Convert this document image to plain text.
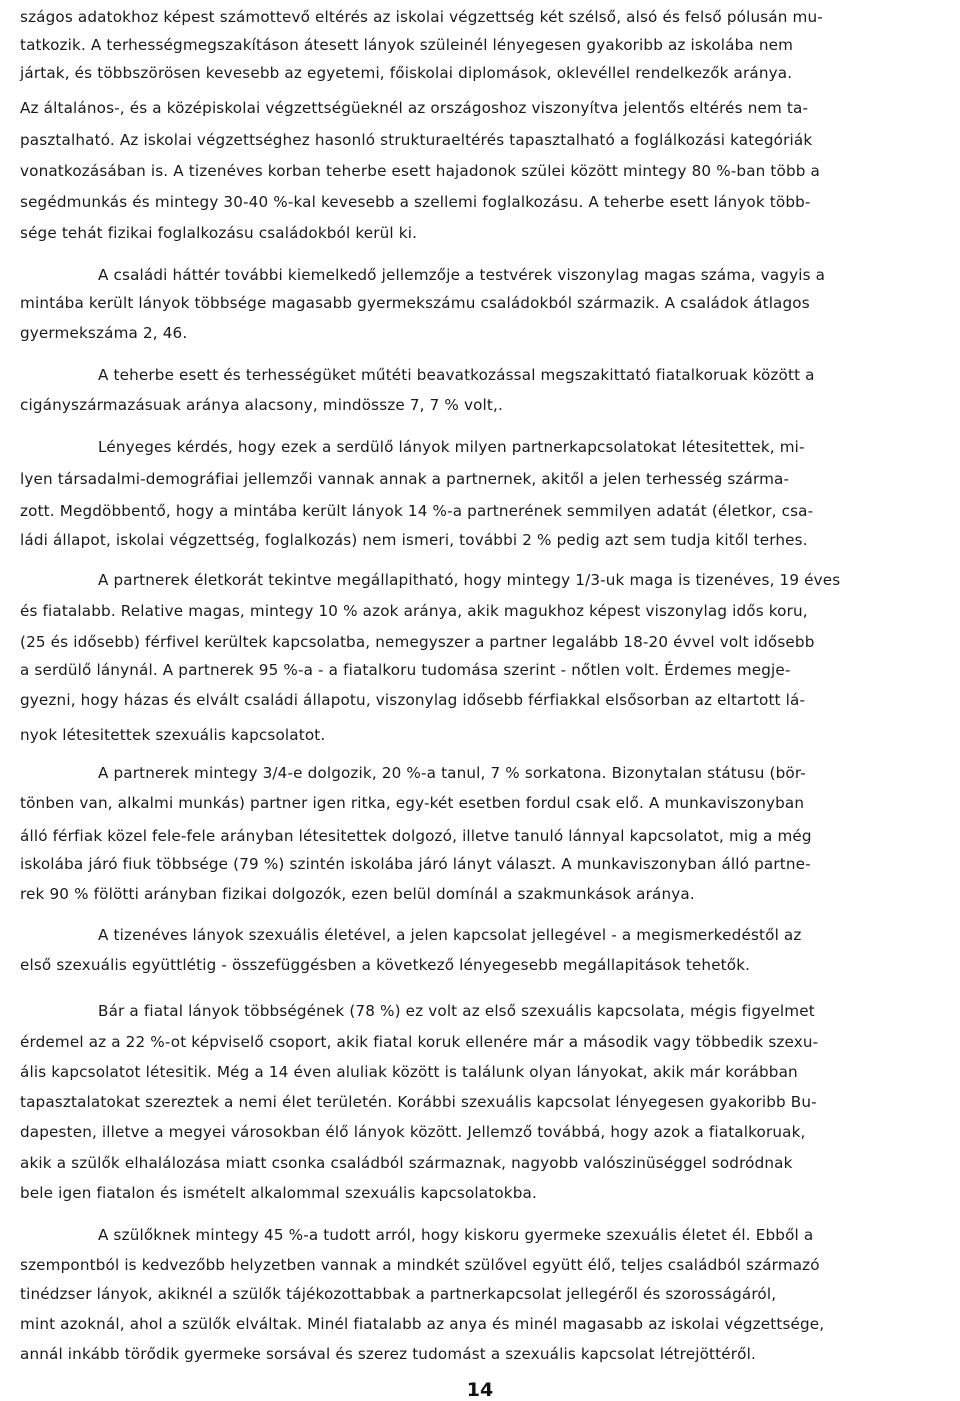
szágos adatokhoz képest számottevő eltérés az iskolai végzettség két szélső, alsó és felső pólusán mu-
tatkozik. A terhességmegszakításon átesett lányok szüleinél lényegesen gyakoribb az iskolába nem
jártak, és többszörösen kevesebb az egyetemi, főiskolai diplomások, oklevéllel rendelkezők aránya.
Az általános-, és a középiskolai végzettségüeknél az országoshoz viszonyítva jelentős eltérés nem ta-
pasztalható. Az iskolai végzettséghez hasonló strukturaeltérés tapasztalható a foglálkozási kategóriák
vonatkozásában is. A tizenéves korban teherbe esett hajadonok szülei között mintegy 80 %-ban több a
segédmunkás és mintegy 30-40 %-kal kevesebb a szellemi foglalkozásu. A teherbe esett lányok több-
sége tehát fizikai foglalkozásu családokból kerül ki.
A családi háttér további kiemelkedő jellemzője a testvérek viszonylag magas száma, vagyis a
mintába került lányok többsége magasabb gyermekszámu családokból származik. A családok átlagos
gyermekszáma 2, 46.
A teherbe esett és terhességüket műtéti beavatkozással megszakittató fiatalkoruak között a
cigányszármazásuak aránya alacsony, mindössze 7, 7 % volt,.
Lényeges kérdés, hogy ezek a serdülő lányok milyen partnerkapcsolatokat létesitettek, mi-
lyen társadalmi-demográfiai jellemzői vannak annak a partnernek, akitől a jelen terhesség szárma-
zott. Megdöbbentő, hogy a mintába került lányok 14 %-a partnerének semmilyen adatát (életkor, csa-
ládi állapot, iskolai végzettség, foglalkozás) nem ismeri, további 2 % pedig azt sem tudja kitől terhes.
A partnerek életkorát tekintve megállapitható, hogy mintegy 1/3-uk maga is tizenéves, 19 éves
és fiatalabb. Relative magas, mintegy 10 % azok aránya, akik magukhoz képest viszonylag idős koru,
(25 és idősebb) férfivel kerültek kapcsolatba, nemegyszer a partner legalább 18-20 évvel volt idősebb
a serdülő lánynál. A partnerek 95 %-a - a fiatalkoru tudomása szerint - nőtlen volt. Érdemes megje-
gyezni, hogy házas és elvált családi állapotu, viszonylag idősebb férfiakkal elsősorban az eltartott lá-
nyok létesitettek szexuális kapcsolatot.
A partnerek mintegy 3/4-e dolgozik, 20 %-a tanul, 7 % sorkatona. Bizonytalan státusu (bör-
tönben van, alkalmi munkás) partner igen ritka, egy-két esetben fordul csak elő. A munkaviszonyban
álló férfiak közel fele-fele arányban létesitettek dolgozó, illetve tanuló lánnyal kapcsolatot, mig a még
iskolába járó fiuk többsége (79 %) szintén iskolába járó lányt választ. A munkaviszonyban álló partne-
rek 90 % fölötti arányban fizikai dolgozók, ezen belül domínál a szakmunkások aránya.
A tizenéves lányok szexuális életével, a jelen kapcsolat jellegével - a megismerkedéstől az
első szexuális együttlétig - összefüggésben a következő lényegesebb megállapitások tehetők.
Bár a fiatal lányok többségének (78 %) ez volt az első szexuális kapcsolata, mégis figyelmet
érdemel az a 22 %-ot képviselő csoport, akik fiatal koruk ellenére már a második vagy többedik szexu-
ális kapcsolatot létesitik. Még a 14 éven aluliak között is találunk olyan lányokat, akik már korábban
tapasztalatokat szereztek a nemi élet területén. Korábbi szexuális kapcsolat lényegesen gyakoribb Bu-
dapesten, illetve a megyei városokban élő lányok között. Jellemző továbbá, hogy azok a fiatalkoruak,
akik a szülők elhalálozása miatt csonka családból származnak, nagyobb valószinüséggel sodródnak
bele igen fiatalon és ismételt alkalommal szexuális kapcsolatokba.
A szülőknek mintegy 45 %-a tudott arról, hogy kiskoru gyermeke szexuális életet él. Ebből a
szempontból is kedvezőbb helyzetben vannak a mindkét szülővel együtt élő, teljes családból származó
tinédzser lányok, akiknél a szülők tájékozottabbak a partnerkapcsolat jellegéről és szorosságáról,
mint azoknál, ahol a szülők elváltak. Minél fiatalabb az anya és minél magasabb az iskolai végzettsége,
annál inkább törődik gyermeke sorsával és szerez tudomást a szexuális kapcsolat létrejöttéről.
14
